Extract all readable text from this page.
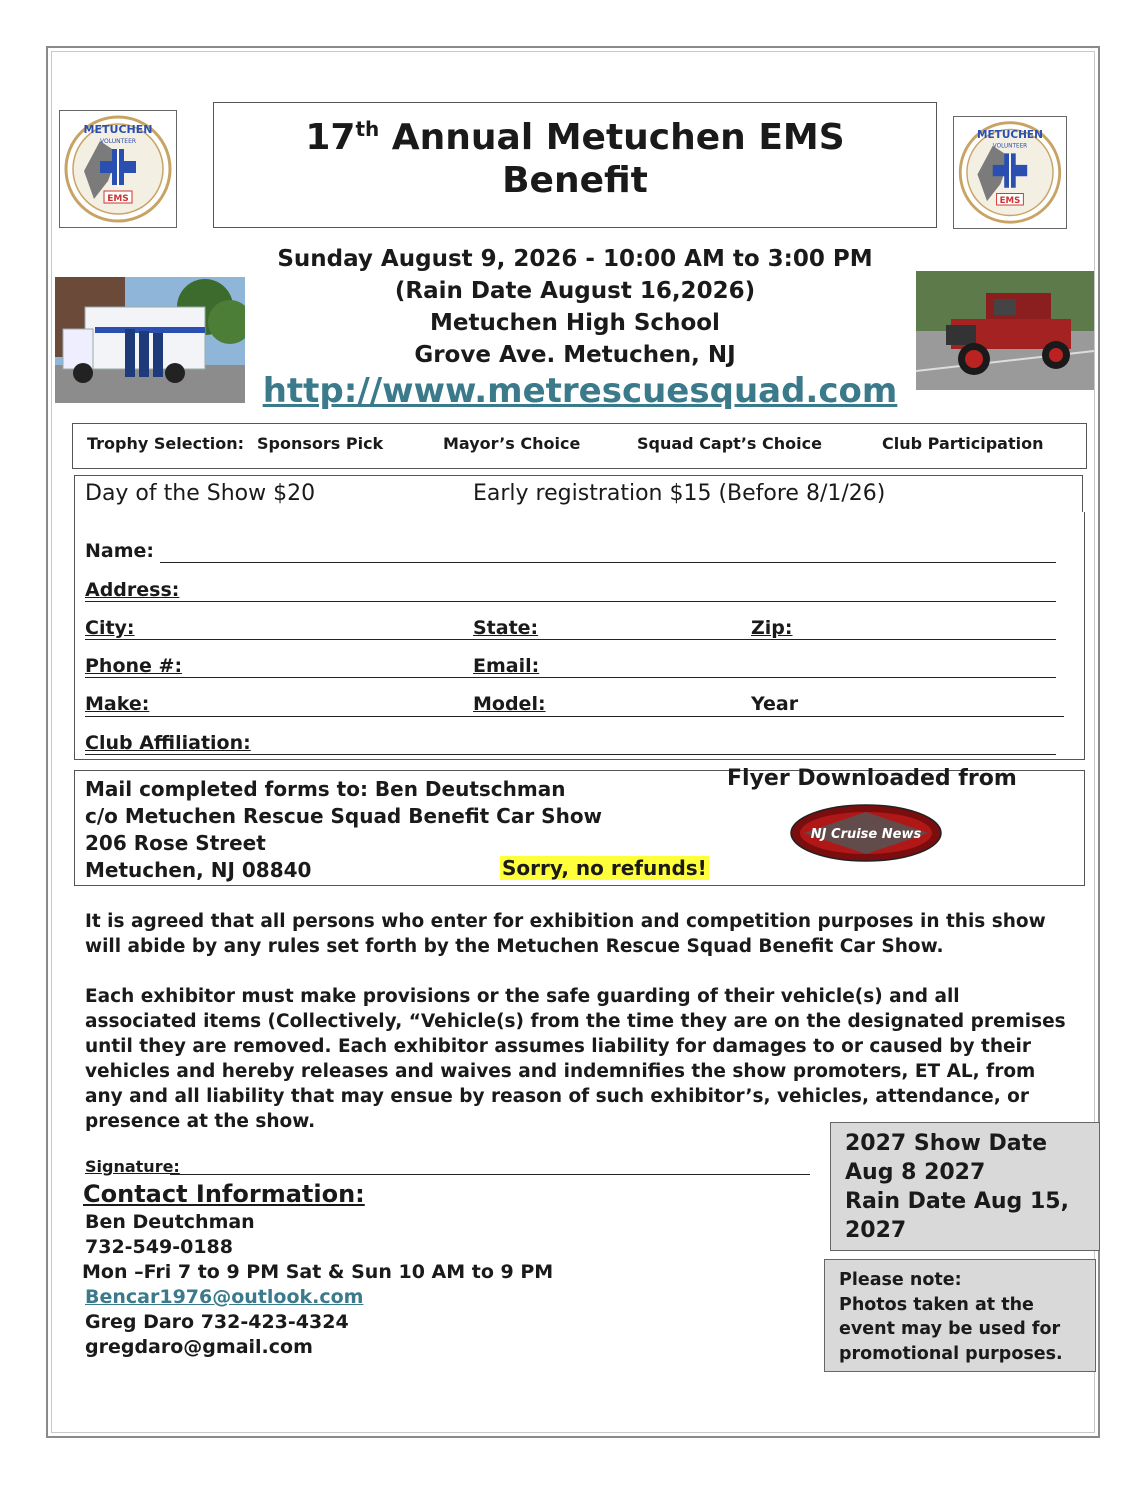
EMS
METUCHEN
VOLUNTEER
EMS
METUCHEN
VOLUNTEER
17th Annual Metuchen EMS
Benefit
Sunday August 9, 2026 - 10:00 AM to 3:00 PM
(Rain Date August 16,2026)
Metuchen High School
Grove Ave. Metuchen, NJ
http://www.metrescuesquad.com
Trophy Selection: Sponsors Pick	Mayor’s Choice	Squad Capt’s Choice	Club Participation
Day of the Show $20	Early registration $15 (Before 8/1/26)
Name:
Address:
City:	State:	Zip:
Phone #:	Email:
Make:	Model:	Year
Club Affiliation:
Mail completed forms to: Ben Deutschman
c/o Metuchen Rescue Squad Benefit Car Show
206 Rose Street
Metuchen, NJ 08840	Sorry, no refunds!
Flyer Downloaded from
NJ Cruise News
It is agreed that all persons who enter for exhibition and competition purposes in this show will abide by any rules set forth by the Metuchen Rescue Squad Benefit Car Show.
Each exhibitor must make provisions or the safe guarding of their vehicle(s) and all associated items (Collectively, “Vehicle(s) from the time they are on the designated premises until they are removed. Each exhibitor assumes liability for damages to or caused by their vehicles and hereby releases and waives and indemnifies the show promoters, ET AL, from any and all liability that may ensue by reason of such exhibitor’s, vehicles, attendance, or presence at the show.
Signature:
Contact Information:
Ben Deutchman
732-549-0188
Mon –Fri 7 to 9 PM Sat & Sun 10 AM to 9 PM
Bencar1976@outlook.com
Greg Daro 732-423-4324
gregdaro@gmail.com
2027 Show Date
Aug 8 2027
Rain Date Aug 15,
2027
Please note:
Photos taken at the
event may be used for
promotional purposes.
